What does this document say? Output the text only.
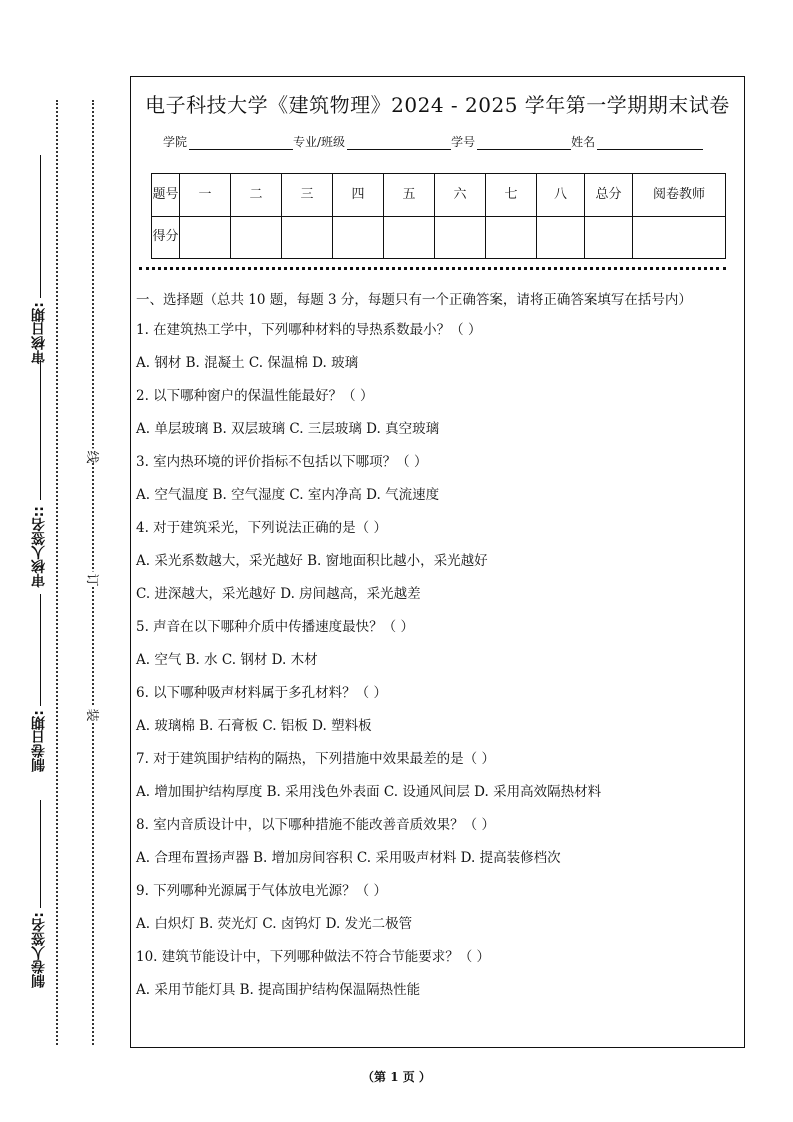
审核日期:
审核人签名::
制卷日期:
制卷人签名:
线
订
装
电子科技大学《建筑物理》2024 - 2025 学年第一学期期末试卷
学院	专业/班级	学号	姓名
题号	一	二	三	四	五	六	七	八	总分	阅卷教师
得分										

一、选择题（总共 10 题，每题 3 分，每题只有一个正确答案，请将正确答案填写在括号内）

1. 在建筑热工学中，下列哪种材料的导热系数最小？（ ）

A. 钢材 B. 混凝土 C. 保温棉 D. 玻璃

2. 以下哪种窗户的保温性能最好？（ ）

A. 单层玻璃 B. 双层玻璃 C. 三层玻璃 D. 真空玻璃

3. 室内热环境的评价指标不包括以下哪项？（ ）

A. 空气温度 B. 空气湿度 C. 室内净高 D. 气流速度

4. 对于建筑采光，下列说法正确的是（ ）

A. 采光系数越大，采光越好 B. 窗地面积比越小，采光越好

C. 进深越大，采光越好 D. 房间越高，采光越差

5. 声音在以下哪种介质中传播速度最快？（ ）

A. 空气 B. 水 C. 钢材 D. 木材

6. 以下哪种吸声材料属于多孔材料？（ ）

A. 玻璃棉 B. 石膏板 C. 铝板 D. 塑料板

7. 对于建筑围护结构的隔热，下列措施中效果最差的是（ ）

A. 增加围护结构厚度 B. 采用浅色外表面 C. 设通风间层 D. 采用高效隔热材料

8. 室内音质设计中，以下哪种措施不能改善音质效果？（ ）

A. 合理布置扬声器 B. 增加房间容积 C. 采用吸声材料 D. 提高装修档次

9. 下列哪种光源属于气体放电光源？（ ）

A. 白炽灯 B. 荧光灯 C. 卤钨灯 D. 发光二极管

10. 建筑节能设计中，下列哪种做法不符合节能要求？（ ）

A. 采用节能灯具 B. 提高围护结构保温隔热性能

（第 1 页 ）
